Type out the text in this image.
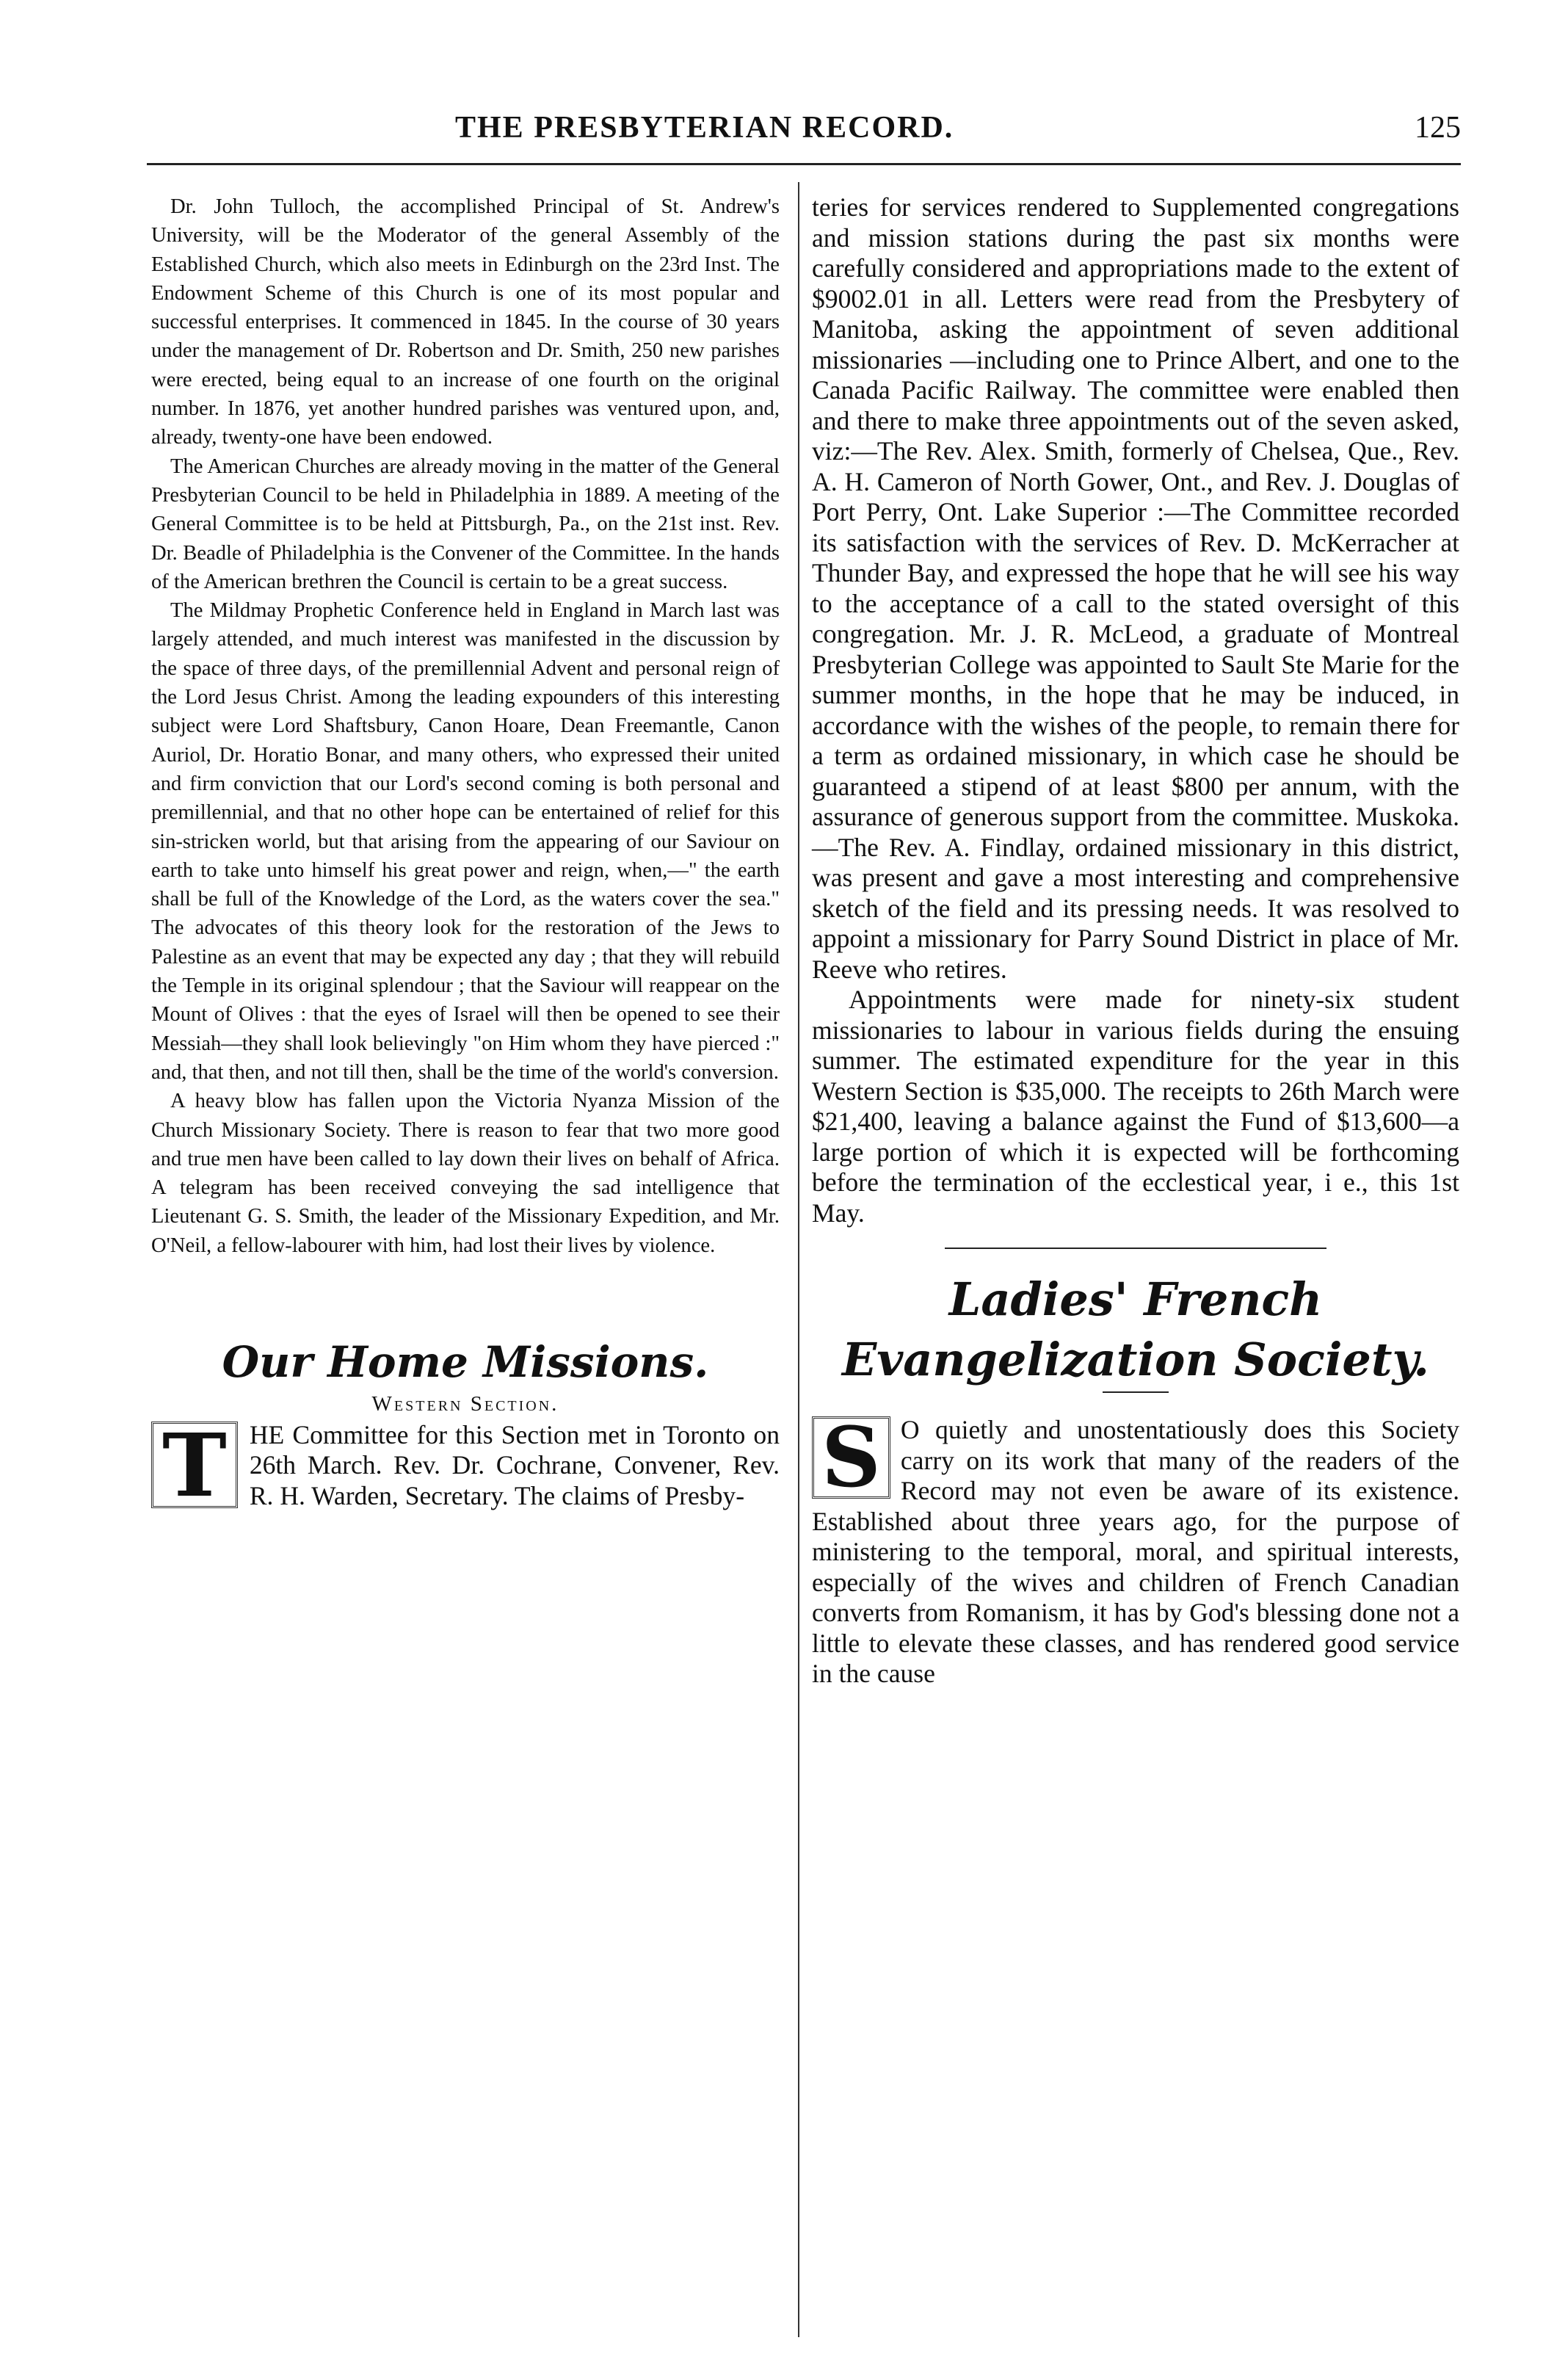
THE PRESBYTERIAN RECORD.	125

Dr. John Tulloch, the accomplished Principal of St. Andrew's University, will be the Moderator of the general Assembly of the Established Church, which also meets in Edinburgh on the 23rd Inst. The Endowment Scheme of this Church is one of its most popular and successful enterprises. It commenced in 1845. In the course of 30 years under the management of Dr. Robertson and Dr. Smith, 250 new parishes were erected, being equal to an increase of one fourth on the original number. In 1876, yet another hundred parishes was ventured upon, and, already, twenty-one have been endowed.

The American Churches are already moving in the matter of the General Presbyterian Council to be held in Philadelphia in 1889. A meeting of the General Committee is to be held at Pittsburgh, Pa., on the 21st inst. Rev. Dr. Beadle of Philadelphia is the Convener of the Committee. In the hands of the American brethren the Council is certain to be a great success.

The Mildmay Prophetic Conference held in England in March last was largely attended, and much interest was manifested in the discussion by the space of three days, of the premillennial Advent and personal reign of the Lord Jesus Christ. Among the leading expounders of this interesting subject were Lord Shaftsbury, Canon Hoare, Dean Freemantle, Canon Auriol, Dr. Horatio Bonar, and many others, who expressed their united and firm conviction that our Lord's second coming is both personal and premillennial, and that no other hope can be entertained of relief for this sin-stricken world, but that arising from the appearing of our Saviour on earth to take unto himself his great power and reign, when,—" the earth shall be full of the Knowledge of the Lord, as the waters cover the sea." The advocates of this theory look for the restoration of the Jews to Palestine as an event that may be expected any day ; that they will rebuild the Temple in its original splendour ; that the Saviour will reappear on the Mount of Olives : that the eyes of Israel will then be opened to see their Messiah—they shall look believingly "on Him whom they have pierced :" and, that then, and not till then, shall be the time of the world's conversion.

A heavy blow has fallen upon the Victoria Nyanza Mission of the Church Missionary Society. There is reason to fear that two more good and true men have been called to lay down their lives on behalf of Africa. A telegram has been received conveying the sad intelligence that Lieutenant G. S. Smith, the leader of the Missionary Expedition, and Mr. O'Neil, a fellow-labourer with him, had lost their lives by violence.

Our Home Missions.

Western Section.

T HE Committee for this Section met in Toronto on 26th March. Rev. Dr. Cochrane, Convener, Rev. R. H. Warden, Secretary. The claims of Presby-

teries for services rendered to Supplemented congregations and mission stations during the past six months were carefully considered and appropriations made to the extent of $9002.01 in all. Letters were read from the Presbytery of Manitoba, asking the appointment of seven additional missionaries —including one to Prince Albert, and one to the Canada Pacific Railway. The committee were enabled then and there to make three appointments out of the seven asked, viz:—The Rev. Alex. Smith, formerly of Chelsea, Que., Rev. A. H. Cameron of North Gower, Ont., and Rev. J. Douglas of Port Perry, Ont. Lake Superior :—The Committee recorded its satisfaction with the services of Rev. D. McKerracher at Thunder Bay, and expressed the hope that he will see his way to the acceptance of a call to the stated oversight of this congregation. Mr. J. R. McLeod, a graduate of Montreal Presbyterian College was appointed to Sault Ste Marie for the summer months, in the hope that he may be induced, in accordance with the wishes of the people, to remain there for a term as ordained missionary, in which case he should be guaranteed a stipend of at least $800 per annum, with the assurance of generous support from the committee. Muskoka.—The Rev. A. Findlay, ordained missionary in this district, was present and gave a most interesting and comprehensive sketch of the field and its pressing needs. It was resolved to appoint a missionary for Parry Sound District in place of Mr. Reeve who retires.

Appointments were made for ninety-six student missionaries to labour in various fields during the ensuing summer. The estimated expenditure for the year in this Western Section is $35,000. The receipts to 26th March were $21,400, leaving a balance against the Fund of $13,600—a large portion of which it is expected will be forthcoming before the termination of the ecclestical year, i e., this 1st May.

Ladies' French Evangelization Society.

S O quietly and unostentatiously does this Society carry on its work that many of the readers of the Record may not even be aware of its existence. Established about three years ago, for the purpose of ministering to the temporal, moral, and spiritual interests, especially of the wives and children of French Canadian converts from Romanism, it has by God's blessing done not a little to elevate these classes, and has rendered good service in the cause
